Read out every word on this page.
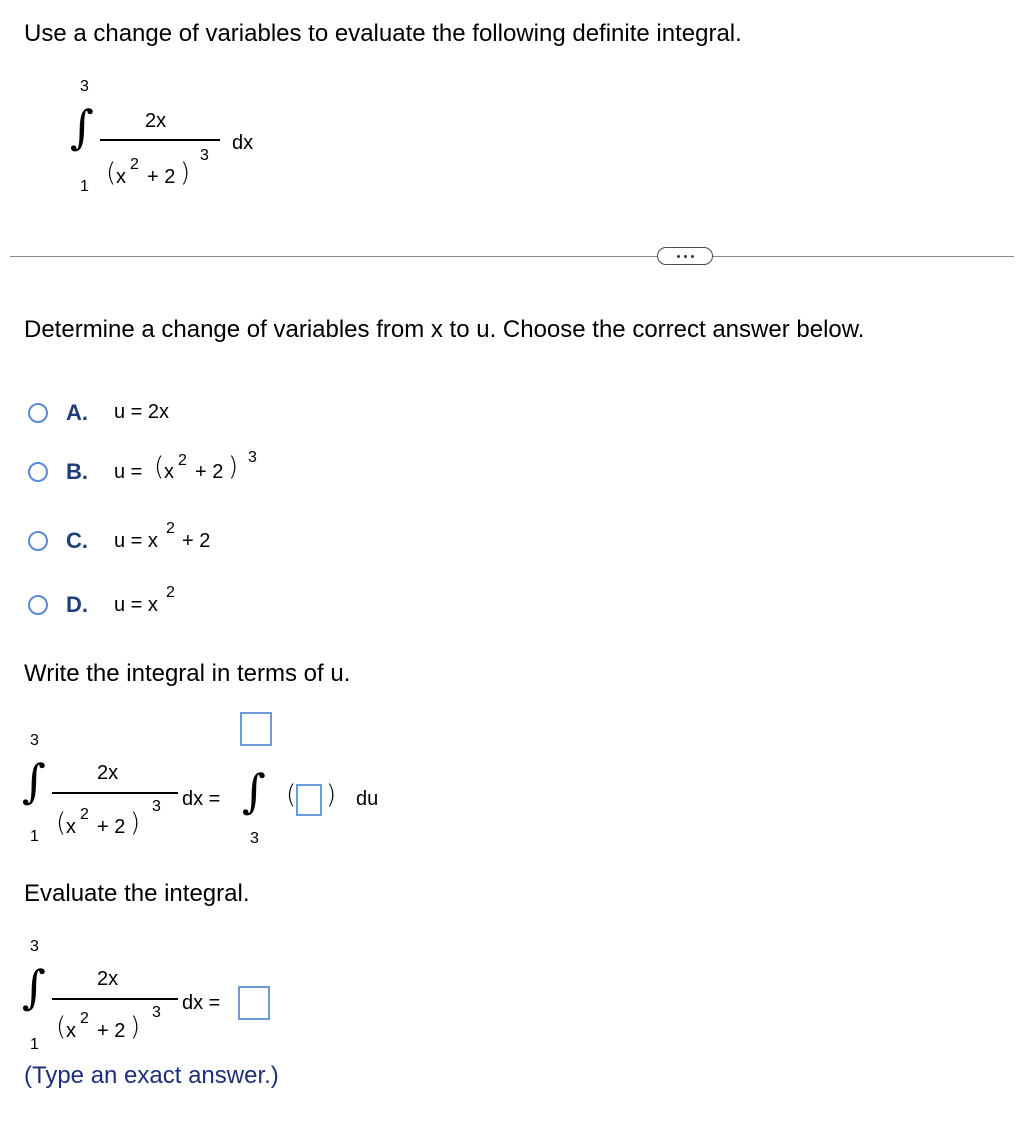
Use a change of variables to evaluate the following definite integral.
3
∫
1
2x
( x
2
+ 2 )
3
dx
Determine a change of variables from x to u. Choose the correct answer below.
A. u = 2x
B. u = ( x
2
+ 2 ) 3
C. u = x
2
+ 2
D. u = x
2
Write the integral in terms of u.
3
∫
1
2x
( x
2
+ 2 )
3 dx = ∫
3
( ) du
Evaluate the integral.
3
∫
1
2x
( x
2
+ 2 ) 3 dx =
(Type an exact answer.)
